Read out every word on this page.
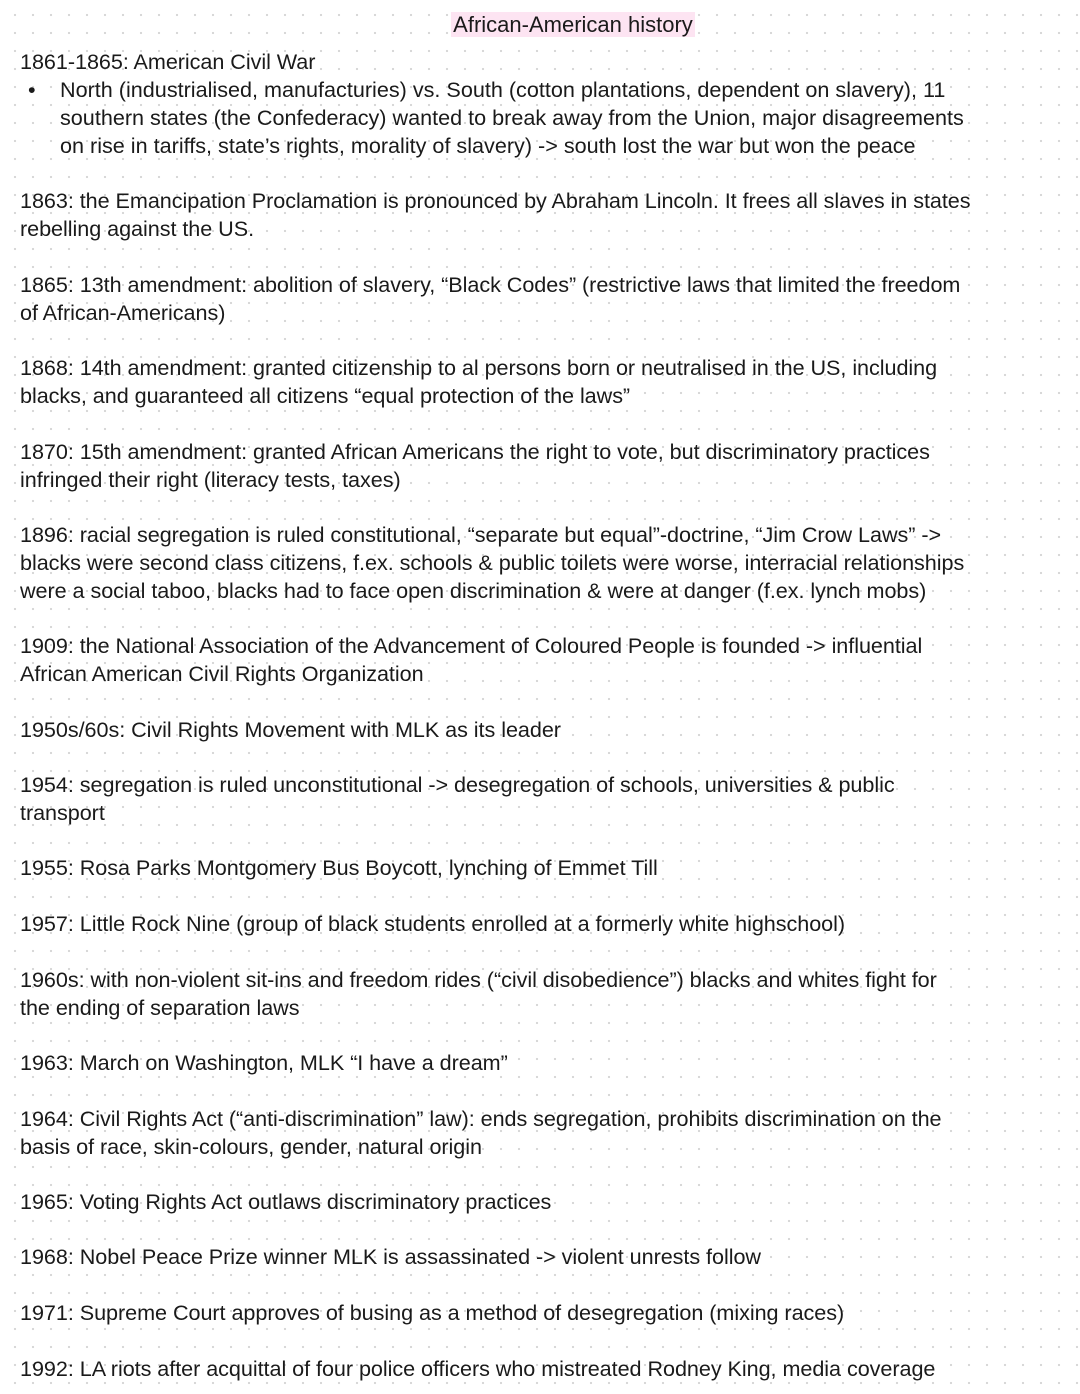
African-American history
1861-1865: American Civil War
• North (industrialised, manufacturies) vs. South (cotton plantations, dependent on slavery), 11
southern states (the Confederacy) wanted to break away from the Union, major disagreements
on rise in tariffs, state’s rights, morality of slavery) -> south lost the war but won the peace
1863: the Emancipation Proclamation is pronounced by Abraham Lincoln. It frees all slaves in states
rebelling against the US.
1865: 13th amendment: abolition of slavery, “Black Codes” (restrictive laws that limited the freedom
of African-Americans)
1868: 14th amendment: granted citizenship to al persons born or neutralised in the US, including
blacks, and guaranteed all citizens “equal protection of the laws”
1870: 15th amendment: granted African Americans the right to vote, but discriminatory practices
infringed their right (literacy tests, taxes)
1896: racial segregation is ruled constitutional, “separate but equal”-doctrine, “Jim Crow Laws” ->
blacks were second class citizens, f.ex. schools & public toilets were worse, interracial relationships
were a social taboo, blacks had to face open discrimination & were at danger (f.ex. lynch mobs)
1909: the National Association of the Advancement of Coloured People is founded -> influential
African American Civil Rights Organization
1950s/60s: Civil Rights Movement with MLK as its leader
1954: segregation is ruled unconstitutional -> desegregation of schools, universities & public
transport
1955: Rosa Parks Montgomery Bus Boycott, lynching of Emmet Till
1957: Little Rock Nine (group of black students enrolled at a formerly white highschool)
1960s: with non-violent sit-ins and freedom rides (“civil disobedience”) blacks and whites fight for
the ending of separation laws
1963: March on Washington, MLK “I have a dream”
1964: Civil Rights Act (“anti-discrimination” law): ends segregation, prohibits discrimination on the
basis of race, skin-colours, gender, natural origin
1965: Voting Rights Act outlaws discriminatory practices
1968: Nobel Peace Prize winner MLK is assassinated -> violent unrests follow
1971: Supreme Court approves of busing as a method of desegregation (mixing races)
1992: LA riots after acquittal of four police officers who mistreated Rodney King, media coverage
